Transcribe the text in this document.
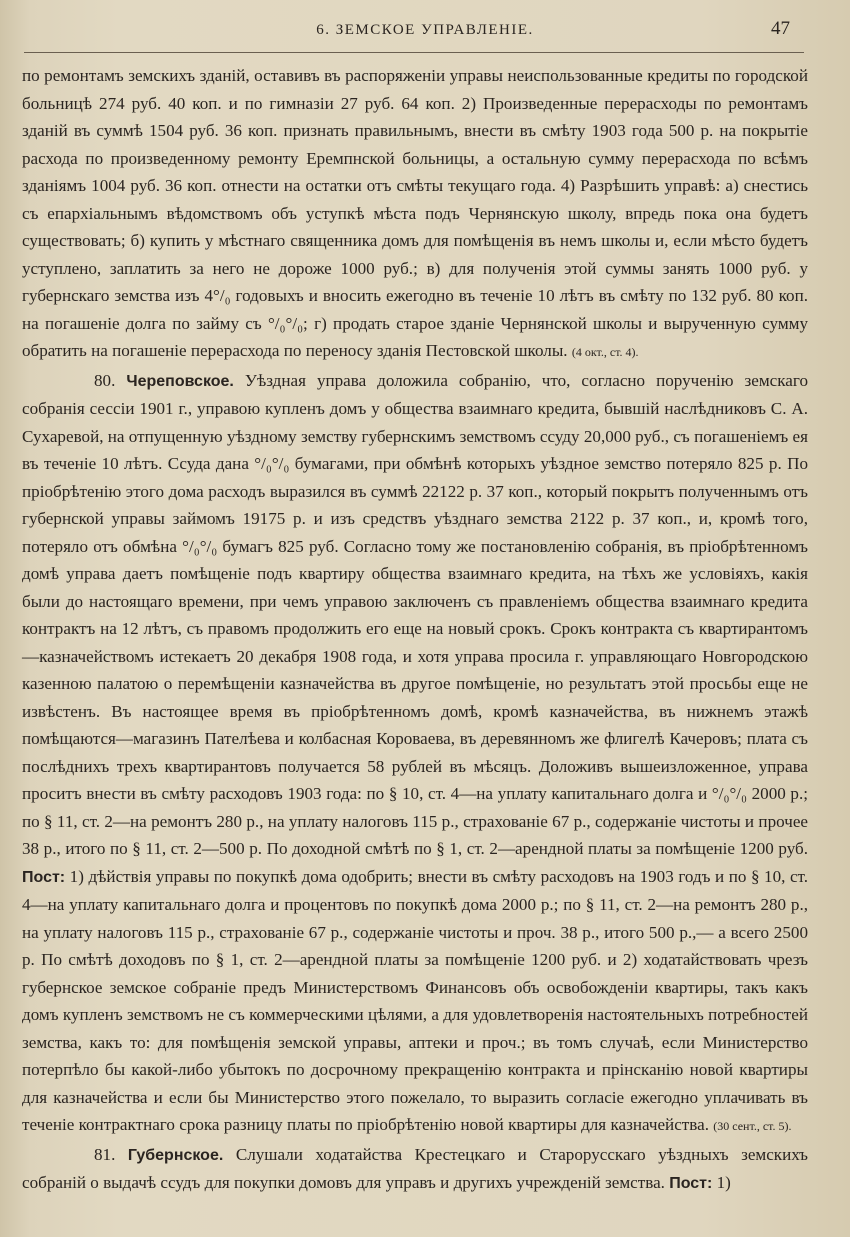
6. ЗЕМСКОЕ УПРАВЛЕНІЕ.	47

по ремонтамъ земскихъ зданій, оставивъ въ распоряженіи управы неиспользованные кредиты по городской больницѣ 274 руб. 40 коп. и по гимназіи 27 руб. 64 коп. 2) Произведенные перерасходы по ремонтамъ зданій въ суммѣ 1504 руб. 36 коп. признать правильнымъ, внести въ смѣту 1903 года 500 р. на покрытіе расхода по произведенному ремонту Еремпнской больницы, а остальную сумму перерасхода по всѣмъ зданіямъ 1004 руб. 36 коп. отнести на остатки отъ смѣты текущаго года. 4) Разрѣшить управѣ: а) снестись съ епархіальнымъ вѣдомствомъ объ уступкѣ мѣста подъ Чернянскую школу, впредь пока она будетъ существовать; б) купить у мѣстнаго священника домъ для помѣщенія въ немъ школы и, если мѣсто будетъ уступлено, заплатить за него не дороже 1000 руб.; в) для полученія этой суммы занять 1000 руб. у губернскаго земства изъ 4°/₀ годовыхъ и вносить ежегодно въ теченіе 10 лѣтъ въ смѣту по 132 руб. 80 коп. на погашеніе долга по займу съ °/₀°/₀; г) продать старое зданіе Чернянской школы и вырученную сумму обратить на погашеніе перерасхода по переносу зданія Пестовской школы. (4 окт., ст. 4).

80. Череповское. Уѣздная управа доложила собранію, что, согласно порученію земскаго собранія сессіи 1901 г., управою купленъ домъ у общества взаимнаго кредита, бывшій наслѣдниковъ С. А. Сухаревой, на отпущенную уѣздному земству губернскимъ земствомъ ссуду 20,000 руб., съ погашеніемъ ея въ теченіе 10 лѣтъ. Ссуда дана °/₀°/₀ бумагами, при обмѣнѣ которыхъ уѣздное земство потеряло 825 р. По пріобрѣтенію этого дома расходъ выразился въ суммѣ 22122 р. 37 коп., который покрытъ полученнымъ отъ губернской управы займомъ 19175 р. и изъ средствъ уѣзднаго земства 2122 р. 37 коп., и, кромѣ того, потеряло отъ обмѣна °/₀°/₀ бумагъ 825 руб. Согласно тому же постановленію собранія, въ пріобрѣтенномъ домѣ управа даетъ помѣщеніе подъ квартиру общества взаимнаго кредита, на тѣхъ же условіяхъ, какія были до настоящаго времени, при чемъ управою заключенъ съ правленіемъ общества взаимнаго кредита контрактъ на 12 лѣтъ, съ правомъ продолжить его еще на новый срокъ. Срокъ контракта съ квартирантомъ—казначействомъ истекаетъ 20 декабря 1908 года, и хотя управа просила г. управляющаго Новгородскою казенною палатою о перемѣщеніи казначейства въ другое помѣщеніе, но результатъ этой просьбы еще не извѣстенъ. Въ настоящее время въ пріобрѣтенномъ домѣ, кромѣ казначейства, въ нижнемъ этажѣ помѣщаются—магазинъ Пателѣева и колбасная Короваева, въ деревянномъ же флигелѣ Качеровъ; плата съ послѣднихъ трехъ квартирантовъ получается 58 рублей въ мѣсяцъ. Доложивъ вышеизложенное, управа проситъ внести въ смѣту расходовъ 1903 года: по § 10, ст. 4—на уплату капитальнаго долга и °/₀°/₀ 2000 р.; по § 11, ст. 2—на ремонтъ 280 р., на уплату налоговъ 115 р., страхованіе 67 р., содержаніе чистоты и прочее 38 р., итого по § 11, ст. 2—500 р. По доходной смѣтѣ по § 1, ст. 2—арендной платы за помѣщеніе 1200 руб. Пост: 1) дѣйствія управы по покупкѣ дома одобрить; внести въ смѣту расходовъ на 1903 годъ и по § 10, ст. 4—на уплату капитальнаго долга и процентовъ по покупкѣ дома 2000 р.; по § 11, ст. 2—на ремонтъ 280 р., на уплату налоговъ 115 р., страхованіе 67 р., содержаніе чистоты и проч. 38 р., итого 500 р.,— а всего 2500 р. По смѣтѣ доходовъ по § 1, ст. 2—арендной платы за помѣщеніе 1200 руб. и 2) ходатайствовать чрезъ губернское земское собраніе предъ Министерствомъ Финансовъ объ освобожденіи квартиры, такъ какъ домъ купленъ земствомъ не съ коммерческими цѣлями, а для удовлетворенія настоятельныхъ потребностей земства, какъ то: для помѣщенія земской управы, аптеки и проч.; въ томъ случаѣ, если Министерство потерпѣло бы какой-либо убытокъ по досрочному прекращенію контракта и прінсканію новой квартиры для казначейства и если бы Министерство этого пожелало, то выразить согласіе ежегодно уплачивать въ теченіе контрактнаго срока разницу платы по пріобрѣтенію новой квартиры для казначейства. (30 сент., ст. 5).

81. Губернское. Слушали ходатайства Крестецкаго и Старорусскаго уѣздныхъ земскихъ собраній о выдачѣ ссудъ для покупки домовъ для управъ и другихъ учрежденій земства. Пост: 1)
